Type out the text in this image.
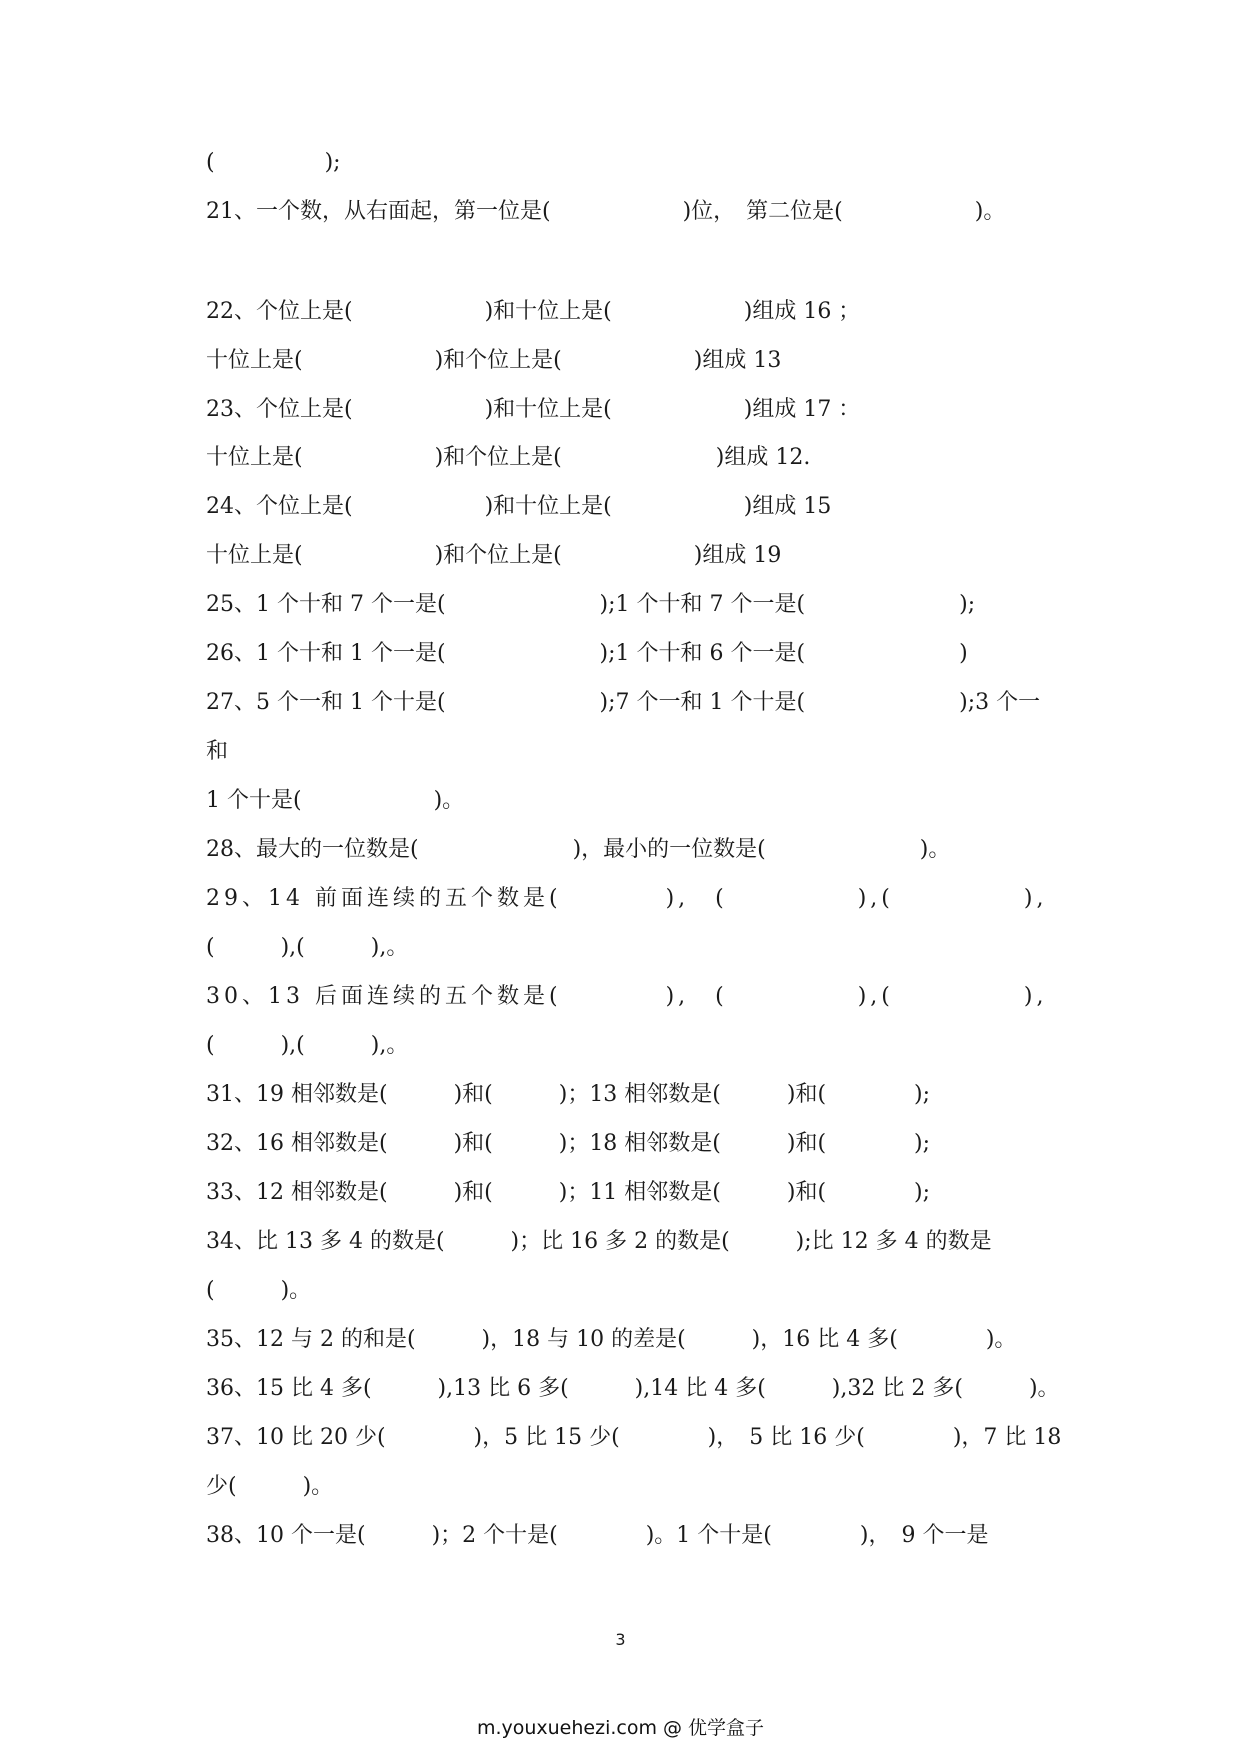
(　　　　　);
21、一个数，从右面起，第一位是(　　　　　　)位，　第二位是(　　　　　　)。
22、个位上是(　　　　　　)和十位上是(　　　　　　)组成 16 ；
十位上是(　　　　　　)和个位上是(　　　　　　)组成 13
23、个位上是(　　　　　　)和十位上是(　　　　　　)组成 17 ：
十位上是(　　　　　　)和个位上是(　　　　　　　)组成 12.
24、个位上是(　　　　　　)和十位上是(　　　　　　)组成 15
十位上是(　　　　　　)和个位上是(　　　　　　)组成 19
25、1 个十和 7 个一是(　　　　　　　);1 个十和 7 个一是(　　　　　　　);
26、1 个十和 1 个一是(　　　　　　　);1 个十和 6 个一是(　　　　　　　)
27、5 个一和 1 个十是(　　　　　　　);7 个一和 1 个十是(　　　　　　　);3 个一
和
1 个十是(　　　　　　)。
28、最大的一位数是(　　　　　　　)，最小的一位数是(　　　　　　　)。
29、14 前面连续的五个数是(　　　　),　(　　　　　),(　　　　　),
(　　　),(　　　),。
30、13 后面连续的五个数是(　　　　),　(　　　　　),(　　　　　),
(　　　),(　　　),。
31、19 相邻数是(　　　)和(　　　)；13 相邻数是(　　　)和(　　　　);
32、16 相邻数是(　　　)和(　　　)；18 相邻数是(　　　)和(　　　　);
33、12 相邻数是(　　　)和(　　　)；11 相邻数是(　　　)和(　　　　);
34、比 13 多 4 的数是(　　　)；比 16 多 2 的数是(　　　);比 12 多 4 的数是
(　　　)。
35、12 与 2 的和是(　　　)，18 与 10 的差是(　　　)，16 比 4 多(　　　　)。
36、15 比 4 多(　　　),13 比 6 多(　　　),14 比 4 多(　　　),32 比 2 多(　　　)。
37、10 比 20 少(　　　　)，5 比 15 少(　　　　)，　5 比 16 少(　　　　)，7 比 18
少(　　　)。
38、10 个一是(　　　)；2 个十是(　　　　)。1 个十是(　　　　)，　9 个一是
3
m.youxuehezi.com @ 优学盒子
